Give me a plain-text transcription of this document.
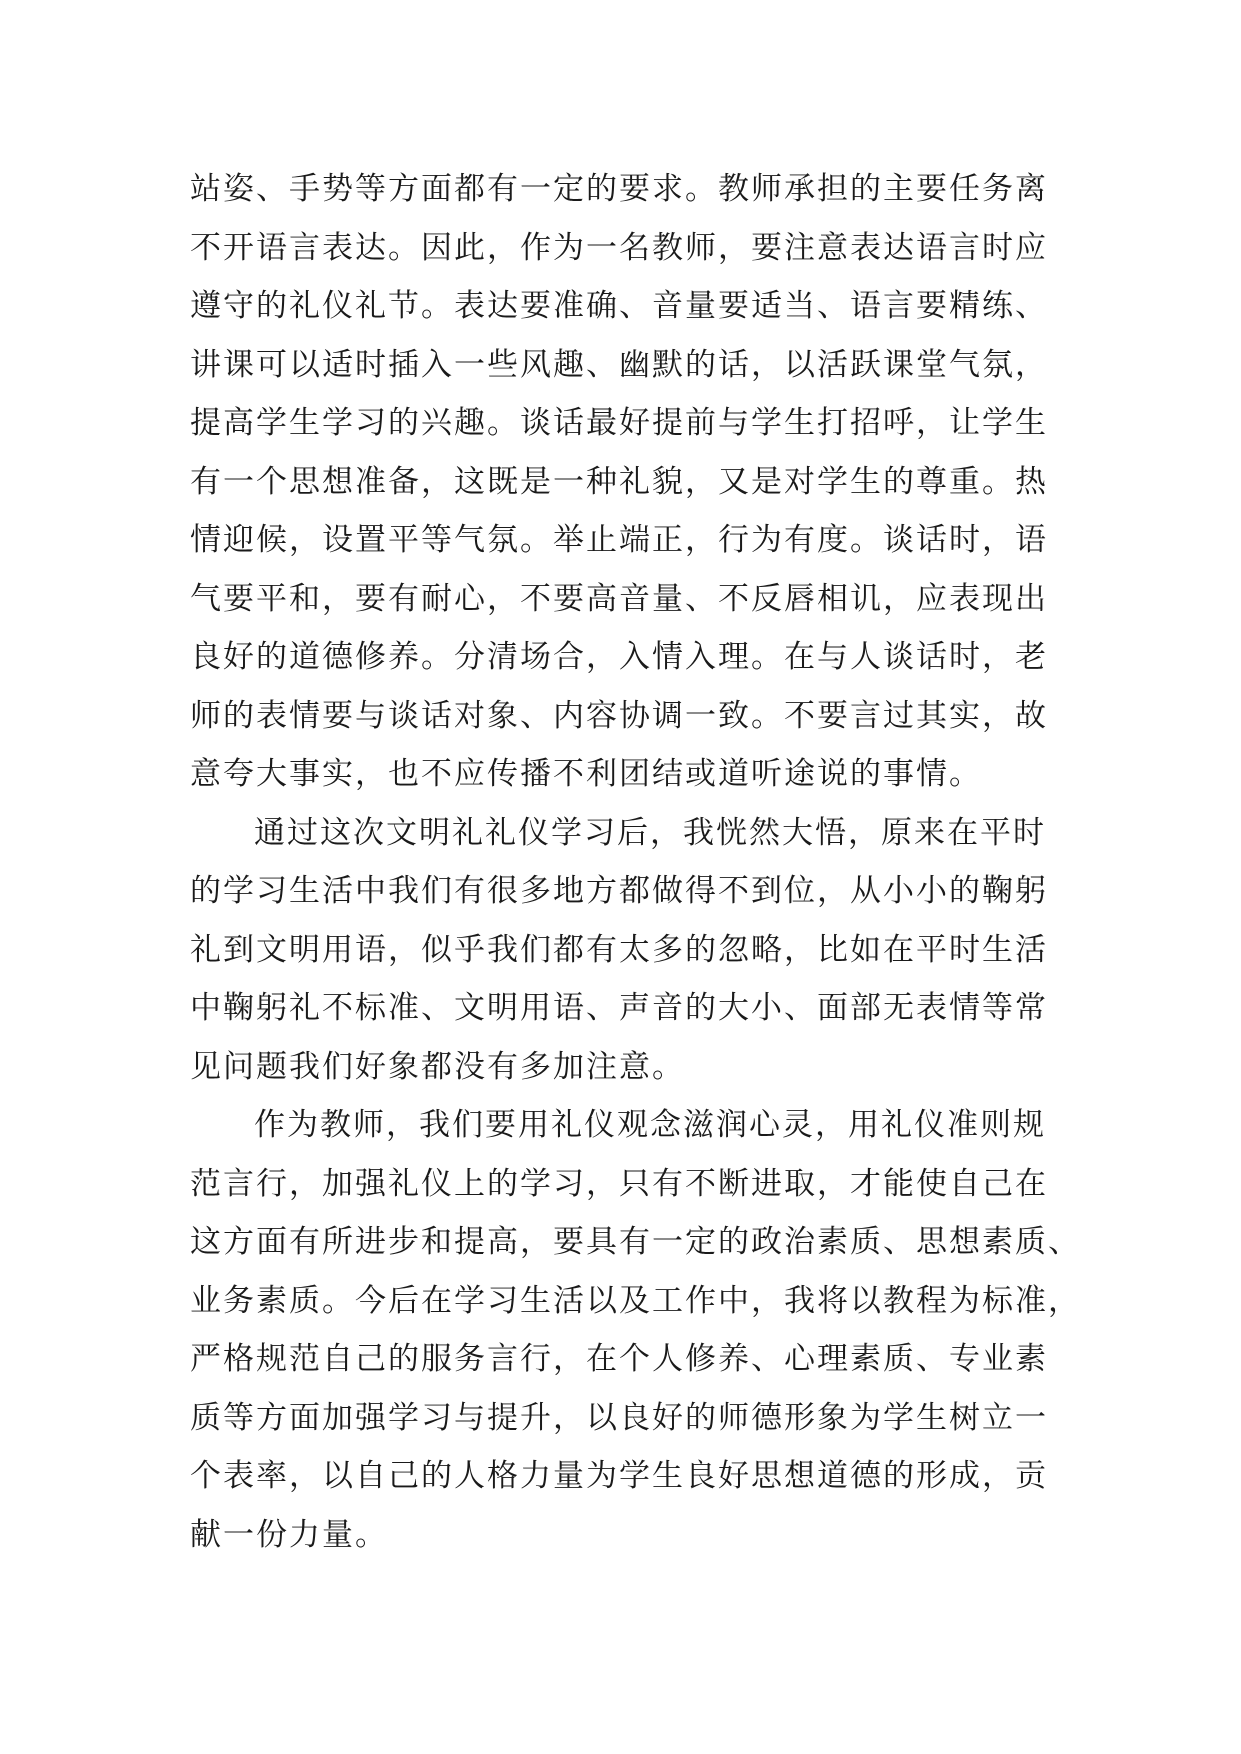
站姿、手势等方面都有一定的要求。教师承担的主要任务离
不开语言表达。因此，作为一名教师，要注意表达语言时应
遵守的礼仪礼节。表达要准确、音量要适当、语言要精练、
讲课可以适时插入一些风趣、幽默的话，以活跃课堂气氛，
提高学生学习的兴趣。谈话最好提前与学生打招呼，让学生
有一个思想准备，这既是一种礼貌，又是对学生的尊重。热
情迎候，设置平等气氛。举止端正，行为有度。谈话时，语
气要平和，要有耐心，不要高音量、不反唇相讥，应表现出
良好的道德修养。分清场合，入情入理。在与人谈话时，老
师的表情要与谈话对象、内容协调一致。不要言过其实，故
意夸大事实，也不应传播不利团结或道听途说的事情。
通过这次文明礼礼仪学习后，我恍然大悟，原来在平时
的学习生活中我们有很多地方都做得不到位，从小小的鞠躬
礼到文明用语，似乎我们都有太多的忽略，比如在平时生活
中鞠躬礼不标准、文明用语、声音的大小、面部无表情等常
见问题我们好象都没有多加注意。
作为教师，我们要用礼仪观念滋润心灵，用礼仪准则规
范言行，加强礼仪上的学习，只有不断进取，才能使自己在
这方面有所进步和提高，要具有一定的政治素质、思想素质、
业务素质。今后在学习生活以及工作中，我将以教程为标准，
严格规范自己的服务言行，在个人修养、心理素质、专业素
质等方面加强学习与提升，以良好的师德形象为学生树立一
个表率，以自己的人格力量为学生良好思想道德的形成，贡
献一份力量。
